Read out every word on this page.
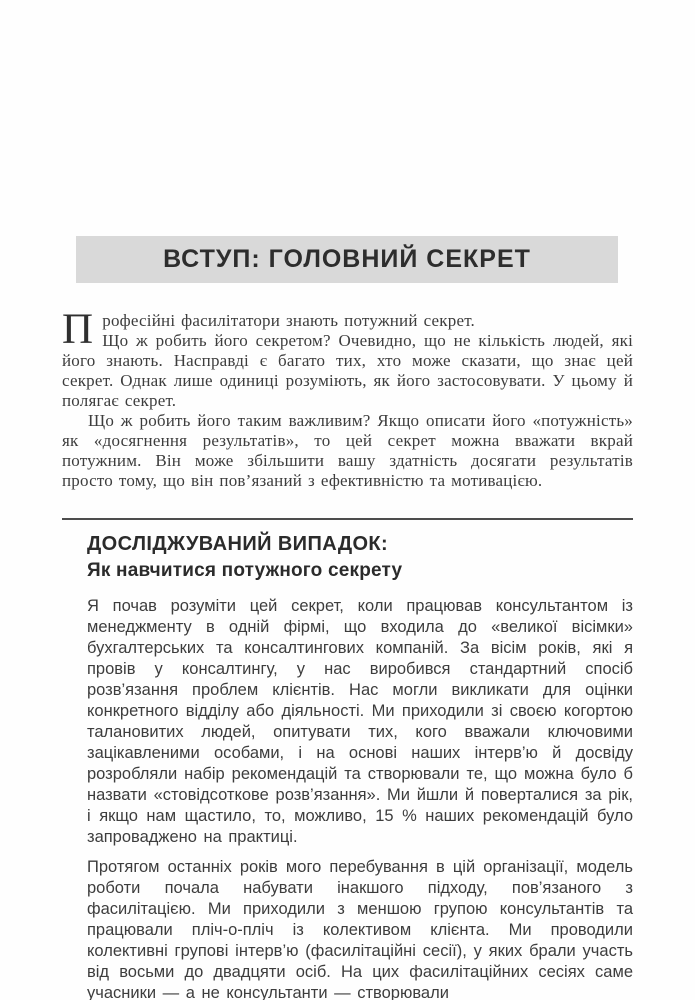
ВСТУП: ГОЛОВНИЙ СЕКРЕТ

Професійні фасилітатори знають потужний секрет.

Що ж робить його секретом? Очевидно, що не кількість людей, які його знають. Насправді є багато тих, хто може сказати, що знає цей секрет. Однак лише одиниці розуміють, як його застосовувати. У цьому й полягає секрет.

Що ж робить його таким важливим? Якщо описати його «потужність» як «досягнення результатів», то цей секрет можна вважати вкрай потужним. Він може збільшити вашу здатність досягати результатів просто тому, що він пов’язаний з ефективністю та мотивацією.

ДОСЛІДЖУВАНИЙ ВИПАДОК:
Як навчитися потужного секрету

Я почав розуміти цей секрет, коли працював консультантом із менеджменту в одній фірмі, що входила до «великої вісімки» бухгалтерських та консалтингових компаній. За вісім років, які я провів у консалтингу, у нас виробився стандартний спосіб розв’язання проблем клієнтів. Нас могли викликати для оцінки конкретного відділу або діяльності. Ми приходили зі своєю когортою талановитих людей, опитувати тих, кого вважали ключовими зацікавленими особами, і на основі наших інтерв’ю й досвіду розробляли набір рекомендацій та створювали те, що можна було б назвати «стовідсоткове розв’язання». Ми йшли й поверталися за рік, і якщо нам щастило, то, можливо, 15 % наших рекомендацій було запроваджено на практиці.

Протягом останніх років мого перебування в цій організації, модель роботи почала набувати інакшого підходу, пов’язаного з фасилітацією. Ми приходили з меншою групою консультантів та працювали пліч-о-пліч із колективом клієнта. Ми проводили колективні групові інтерв’ю (фасилітаційні сесії), у яких брали участь від восьми до двадцяти осіб. На цих фасилітаційних сесіях саме учасники — а не консультанти — створювали
